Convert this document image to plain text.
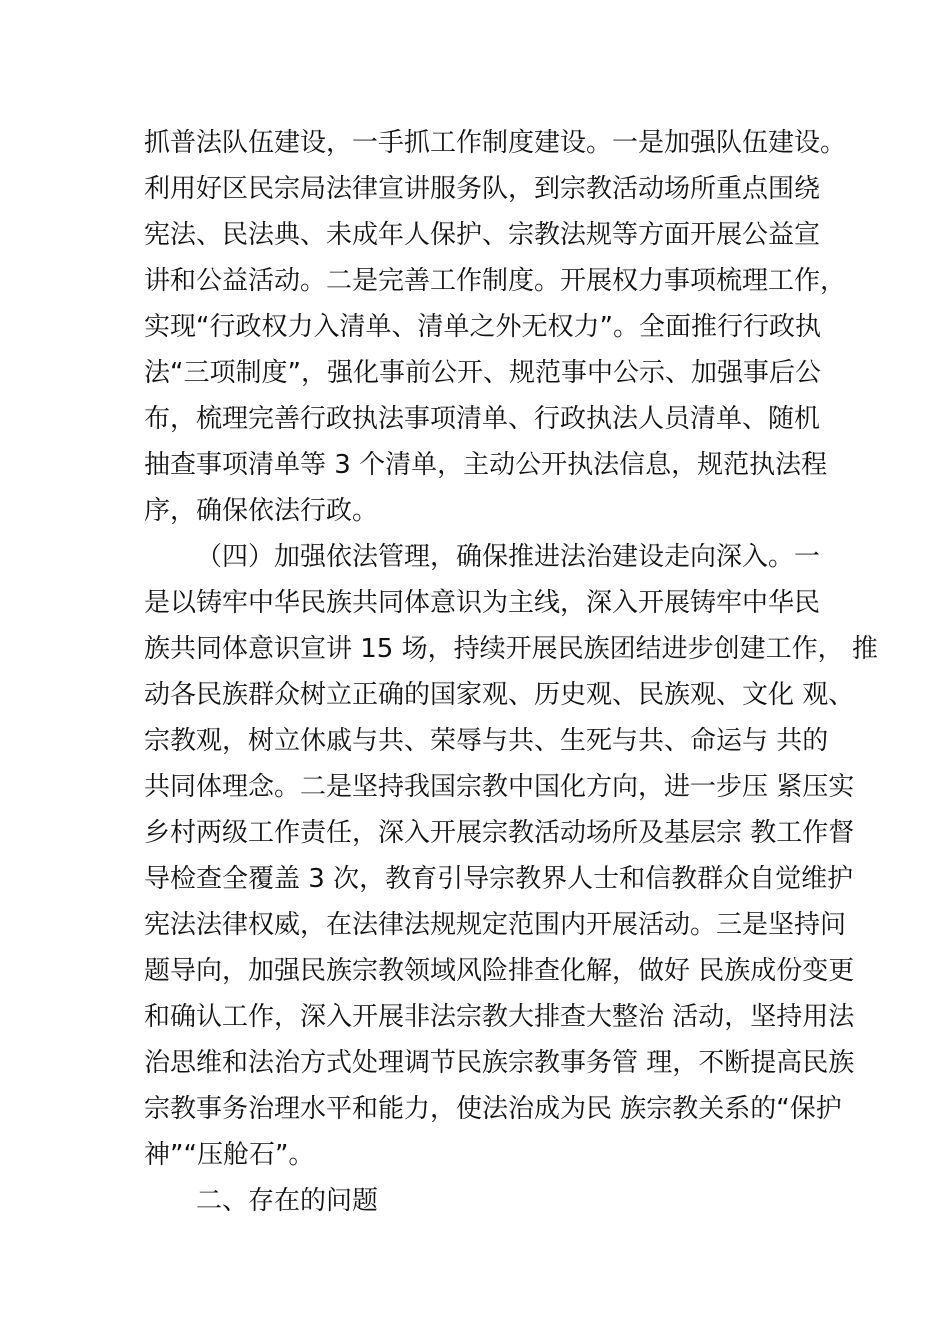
抓普法队伍建设，一手抓工作制度建设。一是加强队伍建设。
利用好区民宗局法律宣讲服务队，到宗教活动场所重点围绕
宪法、民法典、未成年人保护、宗教法规等方面开展公益宣
讲和公益活动。二是完善工作制度。开展权力事项梳理工作，
实现“行政权力入清单、清单之外无权力”。全面推行行政执
法“三项制度”，强化事前公开、规范事中公示、加强事后公
布，梳理完善行政执法事项清单、行政执法人员清单、随机
抽查事项清单等 3 个清单，主动公开执法信息，规范执法程
序，确保依法行政。
（四）加强依法管理，确保推进法治建设走向深入。一
是以铸牢中华民族共同体意识为主线，深入开展铸牢中华民
族共同体意识宣讲 15 场，持续开展民族团结进步创建工作， 推
动各民族群众树立正确的国家观、历史观、民族观、文化 观、
宗教观，树立休戚与共、荣辱与共、生死与共、命运与 共的
共同体理念。二是坚持我国宗教中国化方向，进一步压 紧压实
乡村两级工作责任，深入开展宗教活动场所及基层宗 教工作督
导检查全覆盖 3 次，教育引导宗教界人士和信教群众自觉维护
宪法法律权威，在法律法规规定范围内开展活动。三是坚持问
题导向，加强民族宗教领域风险排查化解，做好 民族成份变更
和确认工作，深入开展非法宗教大排查大整治 活动，坚持用法
治思维和法治方式处理调节民族宗教事务管 理，不断提高民族
宗教事务治理水平和能力，使法治成为民 族宗教关系的“保护
神”“压舱石”。
二、存在的问题
